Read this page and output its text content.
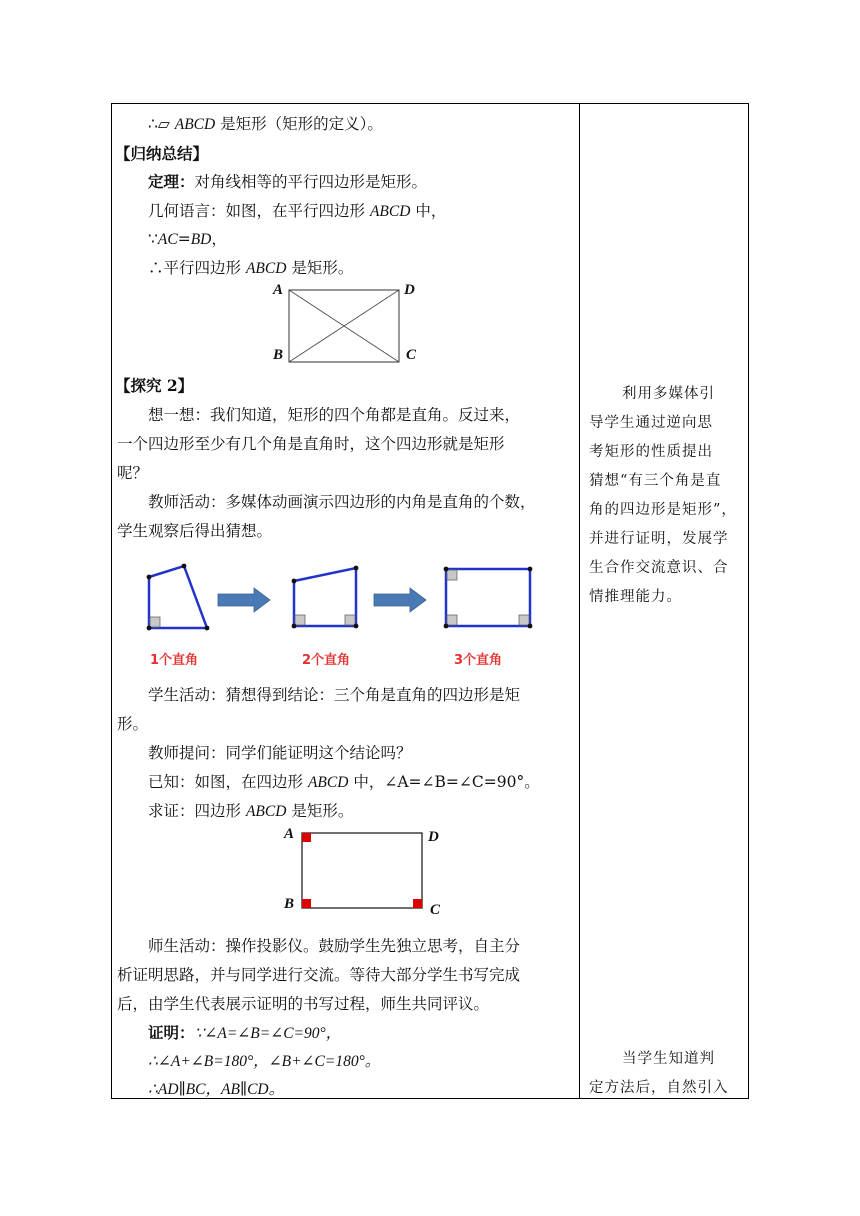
∴▱ ABCD 是矩形（矩形的定义）。
【归纳总结】
定理：对角线相等的平行四边形是矩形。
几何语言：如图，在平行四边形 ABCD 中，
∵AC=BD，
∴平行四边形 ABCD 是矩形。
A	D
B	C
【探究 2】
想一想：我们知道，矩形的四个角都是直角。反过来，
一个四边形至少有几个角是直角时，这个四边形就是矩形
呢？
教师活动：多媒体动画演示四边形的内角是直角的个数，
学生观察后得出猜想。
1个直角	2个直角	3个直角
学生活动：猜想得到结论：三个角是直角的四边形是矩
形。
教师提问：同学们能证明这个结论吗？
已知：如图，在四边形 ABCD 中，∠A=∠B=∠C=90°。
求证：四边形 ABCD 是矩形。
A	D
B	C
师生活动：操作投影仪。鼓励学生先独立思考，自主分
析证明思路，并与同学进行交流。等待大部分学生书写完成
后，由学生代表展示证明的书写过程，师生共同评议。
证明：∵∠A=∠B=∠C=90°，
∴∠A+∠B=180°，∠B+∠C=180°。
∴AD∥BC，AB∥CD。
利用多媒体引
导学生通过逆向思
考矩形的性质提出
猜想“有三个角是直
角的四边形是矩形”，
并进行证明，发展学
生合作交流意识、合
情推理能力。
当学生知道判
定方法后，自然引入
